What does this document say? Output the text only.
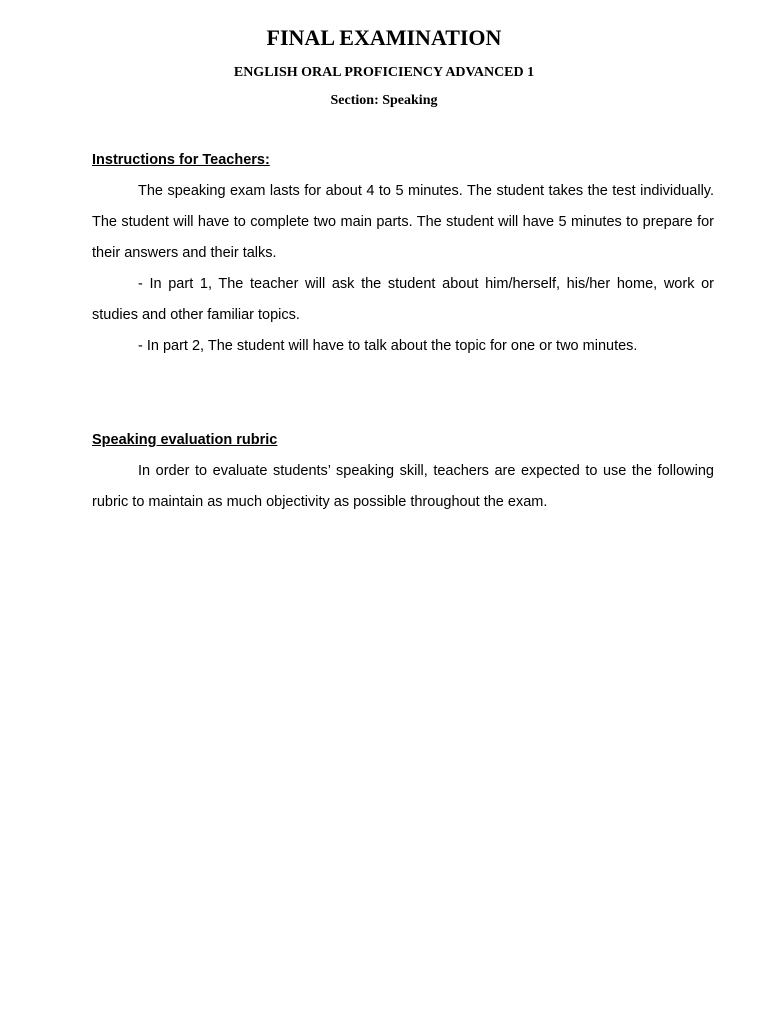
FINAL EXAMINATION
ENGLISH ORAL PROFICIENCY ADVANCED 1
Section: Speaking
Instructions for Teachers:

The speaking exam lasts for about 4 to 5 minutes. The student takes the test individually. The student will have to complete two main parts. The student will have 5 minutes to prepare for their answers and their talks.

- In part 1, The teacher will ask the student about him/herself, his/her home, work or studies and other familiar topics.

- In part 2, The student will have to talk about the topic for one or two minutes.

Speaking evaluation rubric

In order to evaluate students’ speaking skill, teachers are expected to use the following rubric to maintain as much objectivity as possible throughout the exam.
